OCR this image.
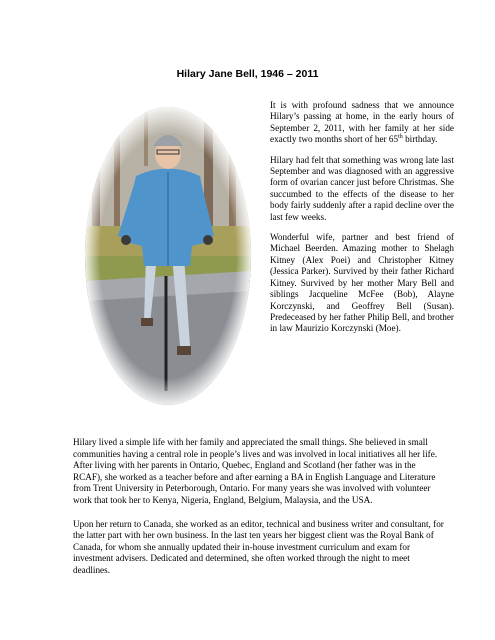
Hilary Jane Bell, 1946 – 2011

It is with profound sadness that we announce Hilary’s passing at home, in the early hours of September 2, 2011, with her family at her side exactly two months short of her 65th birthday.

Hilary had felt that something was wrong late last September and was diagnosed with an aggressive form of ovarian cancer just before Christmas. She succumbed to the effects of the disease to her body fairly suddenly after a rapid decline over the last few weeks.

Wonderful wife, partner and best friend of Michael Beerden. Amazing mother to Shelagh Kitney (Alex Poei) and Christopher Kitney (Jessica Parker). Survived by their father Richard Kitney. Survived by her mother Mary Bell and siblings Jacqueline McFee (Bob), Alayne Korczynski, and Geoffrey Bell (Susan). Predeceased by her father Philip Bell, and brother in law Maurizio Korczynski (Moe).

Hilary lived a simple life with her family and appreciated the small things. She believed in small communities having a central role in people’s lives and was involved in local initiatives all her life. After living with her parents in Ontario, Quebec, England and Scotland (her father was in the RCAF), she worked as a teacher before and after earning a BA in English Language and Literature from Trent University in Peterborough, Ontario. For many years she was involved with volunteer work that took her to Kenya, Nigeria, England, Belgium, Malaysia, and the USA.

Upon her return to Canada, she worked as an editor, technical and business writer and consultant, for the latter part with her own business. In the last ten years her biggest client was the Royal Bank of Canada, for whom she annually updated their in-house investment curriculum and exam for investment advisers. Dedicated and determined, she often worked through the night to meet deadlines.
